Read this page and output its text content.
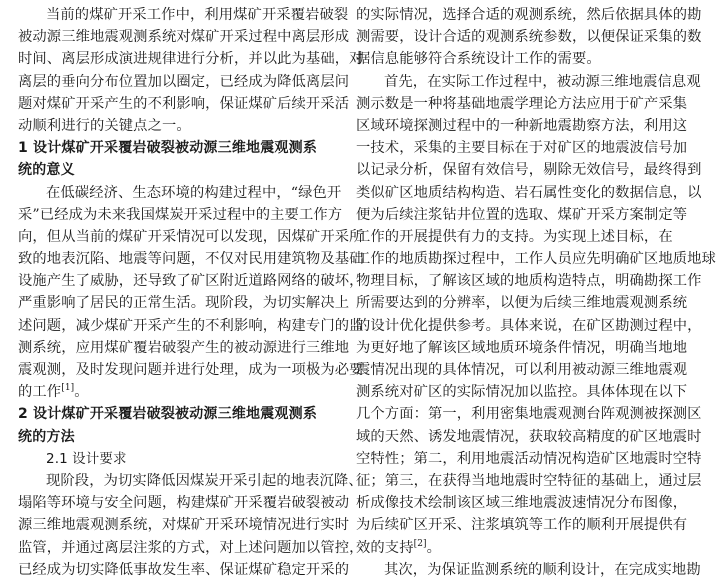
当前的煤矿开采工作中，利用煤矿开采覆岩破裂
被动源三维地震观测系统对煤矿开采过程中离层形成
时间、离层形成演进规律进行分析，并以此为基础，对
离层的垂向分布位置加以圈定，已经成为降低离层问
题对煤矿开采产生的不利影响，保证煤矿后续开采活
动顺利进行的关键点之一。
1 设计煤矿开采覆岩破裂被动源三维地震观测系
统的意义
在低碳经济、生态环境的构建过程中，“绿色开
采”已经成为未来我国煤炭开采过程中的主要工作方
向，但从当前的煤矿开采情况可以发现，因煤矿开采所
致的地表沉陷、地震等问题，不仅对民用建筑物及基础
设施产生了威胁，还导致了矿区附近道路网络的破坏，
严重影响了居民的正常生活。现阶段，为切实解决上
述问题，减少煤矿开采产生的不利影响，构建专门的监
测系统，应用煤矿覆岩破裂产生的被动源进行三维地
震观测，及时发现问题并进行处理，成为一项极为必要
的工作[1]。
2 设计煤矿开采覆岩破裂被动源三维地震观测系
统的方法
2.1 设计要求
现阶段，为切实降低因煤炭开采引起的地表沉降、
塌陷等环境与安全问题，构建煤矿开采覆岩破裂被动
源三维地震观测系统，对煤矿开采环境情况进行实时
监管，并通过离层注浆的方式，对上述问题加以管控，
已经成为切实降低事故发生率、保证煤矿稳定开采的
的实际情况，选择合适的观测系统，然后依据具体的勘
测需要，设计合适的观测系统参数，以便保证采集的数
据信息能够符合系统设计工作的需要。
首先，在实际工作过程中，被动源三维地震信息观
测示数是一种将基础地震学理论方法应用于矿产采集
区域环境探测过程中的一种新地震勘察方法，利用这
一技术，采集的主要目标在于对矿区的地震波信号加
以记录分析，保留有效信号，剔除无效信号，最终得到
类似矿区地质结构构造、岩石属性变化的数据信息，以
便为后续注浆钻井位置的选取、煤矿开采方案制定等
工作的开展提供有力的支持。为实现上述目标，在
工作的地质勘探过程中，工作人员应先明确矿区地质地球
物理目标，了解该区域的地质构造特点，明确勘探工作
所需要达到的分辨率，以便为后续三维地震观测系统
的设计优化提供参考。具体来说，在矿区勘测过程中，
为更好地了解该区域地质环境条件情况，明确当地地
震情况出现的具体情况，可以利用被动源三维地震观
测系统对矿区的实际情况加以监控。具体体现在以下
几个方面：第一，利用密集地震观测台阵观测被探测区
域的天然、诱发地震情况，获取较高精度的矿区地震时
空特性；第二，利用地震活动情况构造矿区地震时空特
征；第三，在获得当地地震时空特征的基础上，通过层
析成像技术绘制该区域三维地震波速情况分布图像，
为后续矿区开采、注浆填筑等工作的顺利开展提供有
效的支持[2]。
其次，为保证监测系统的顺利设计，在完成实地勘
